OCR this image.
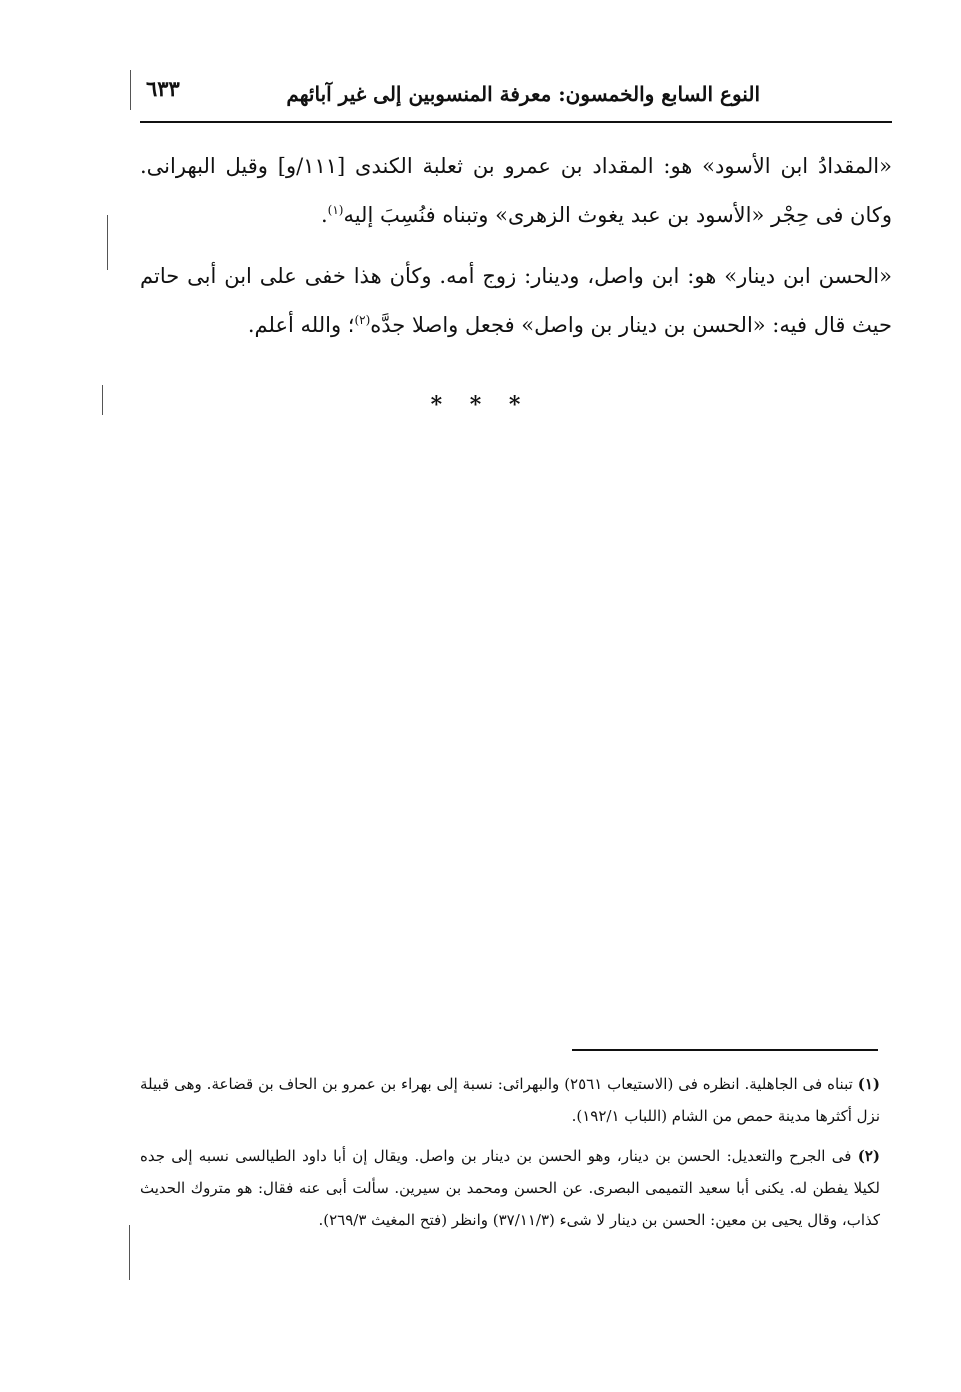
النوع السابع والخمسون: معرفة المنسوبين إلى غير آبائهم
٦٣٣

«المقدادُ ابن الأسود» هو: المقداد بن عمرو بن ثعلبة الكندى [١١١/و] وقيل البهرانى. وكان فى حِجْر «الأسود بن عبد يغوث الزهرى» وتبناه فنُسِبَ إليه$^{(١)}$.

«الحسن ابن دينار» هو: ابن واصل، ودينار: زوج أمه. وكأن هذا خفى على ابن أبى حاتم حيث قال فيه: «الحسن بن دينار بن واصل» فجعل واصلا جدَّه$^{(٢)}$؛ والله أعلم.

* * *

(١) تبناه فى الجاهلية. انظره فى (الاستيعاب ٢٥٦١) والبهرائى: نسبة إلى بهراء بن عمرو بن الحاف بن قضاعة. وهى قبيلة نزل أكثرها مدينة حمص من الشام (اللباب ١٩٢/١).

(٢) فى الجرح والتعديل: الحسن بن دينار، وهو الحسن بن دينار بن واصل. ويقال إن أبا داود الطيالسى نسبه إلى جده لكيلا يفطن له. يكنى أبا سعيد التميمى البصرى. عن الحسن ومحمد بن سيرين. سألت أبى عنه فقال: هو متروك الحديث كذاب، وقال يحيى بن معين: الحسن بن دينار لا شىء (٣٧/١١/٣) وانظر (فتح المغيث ٢٦٩/٣).
